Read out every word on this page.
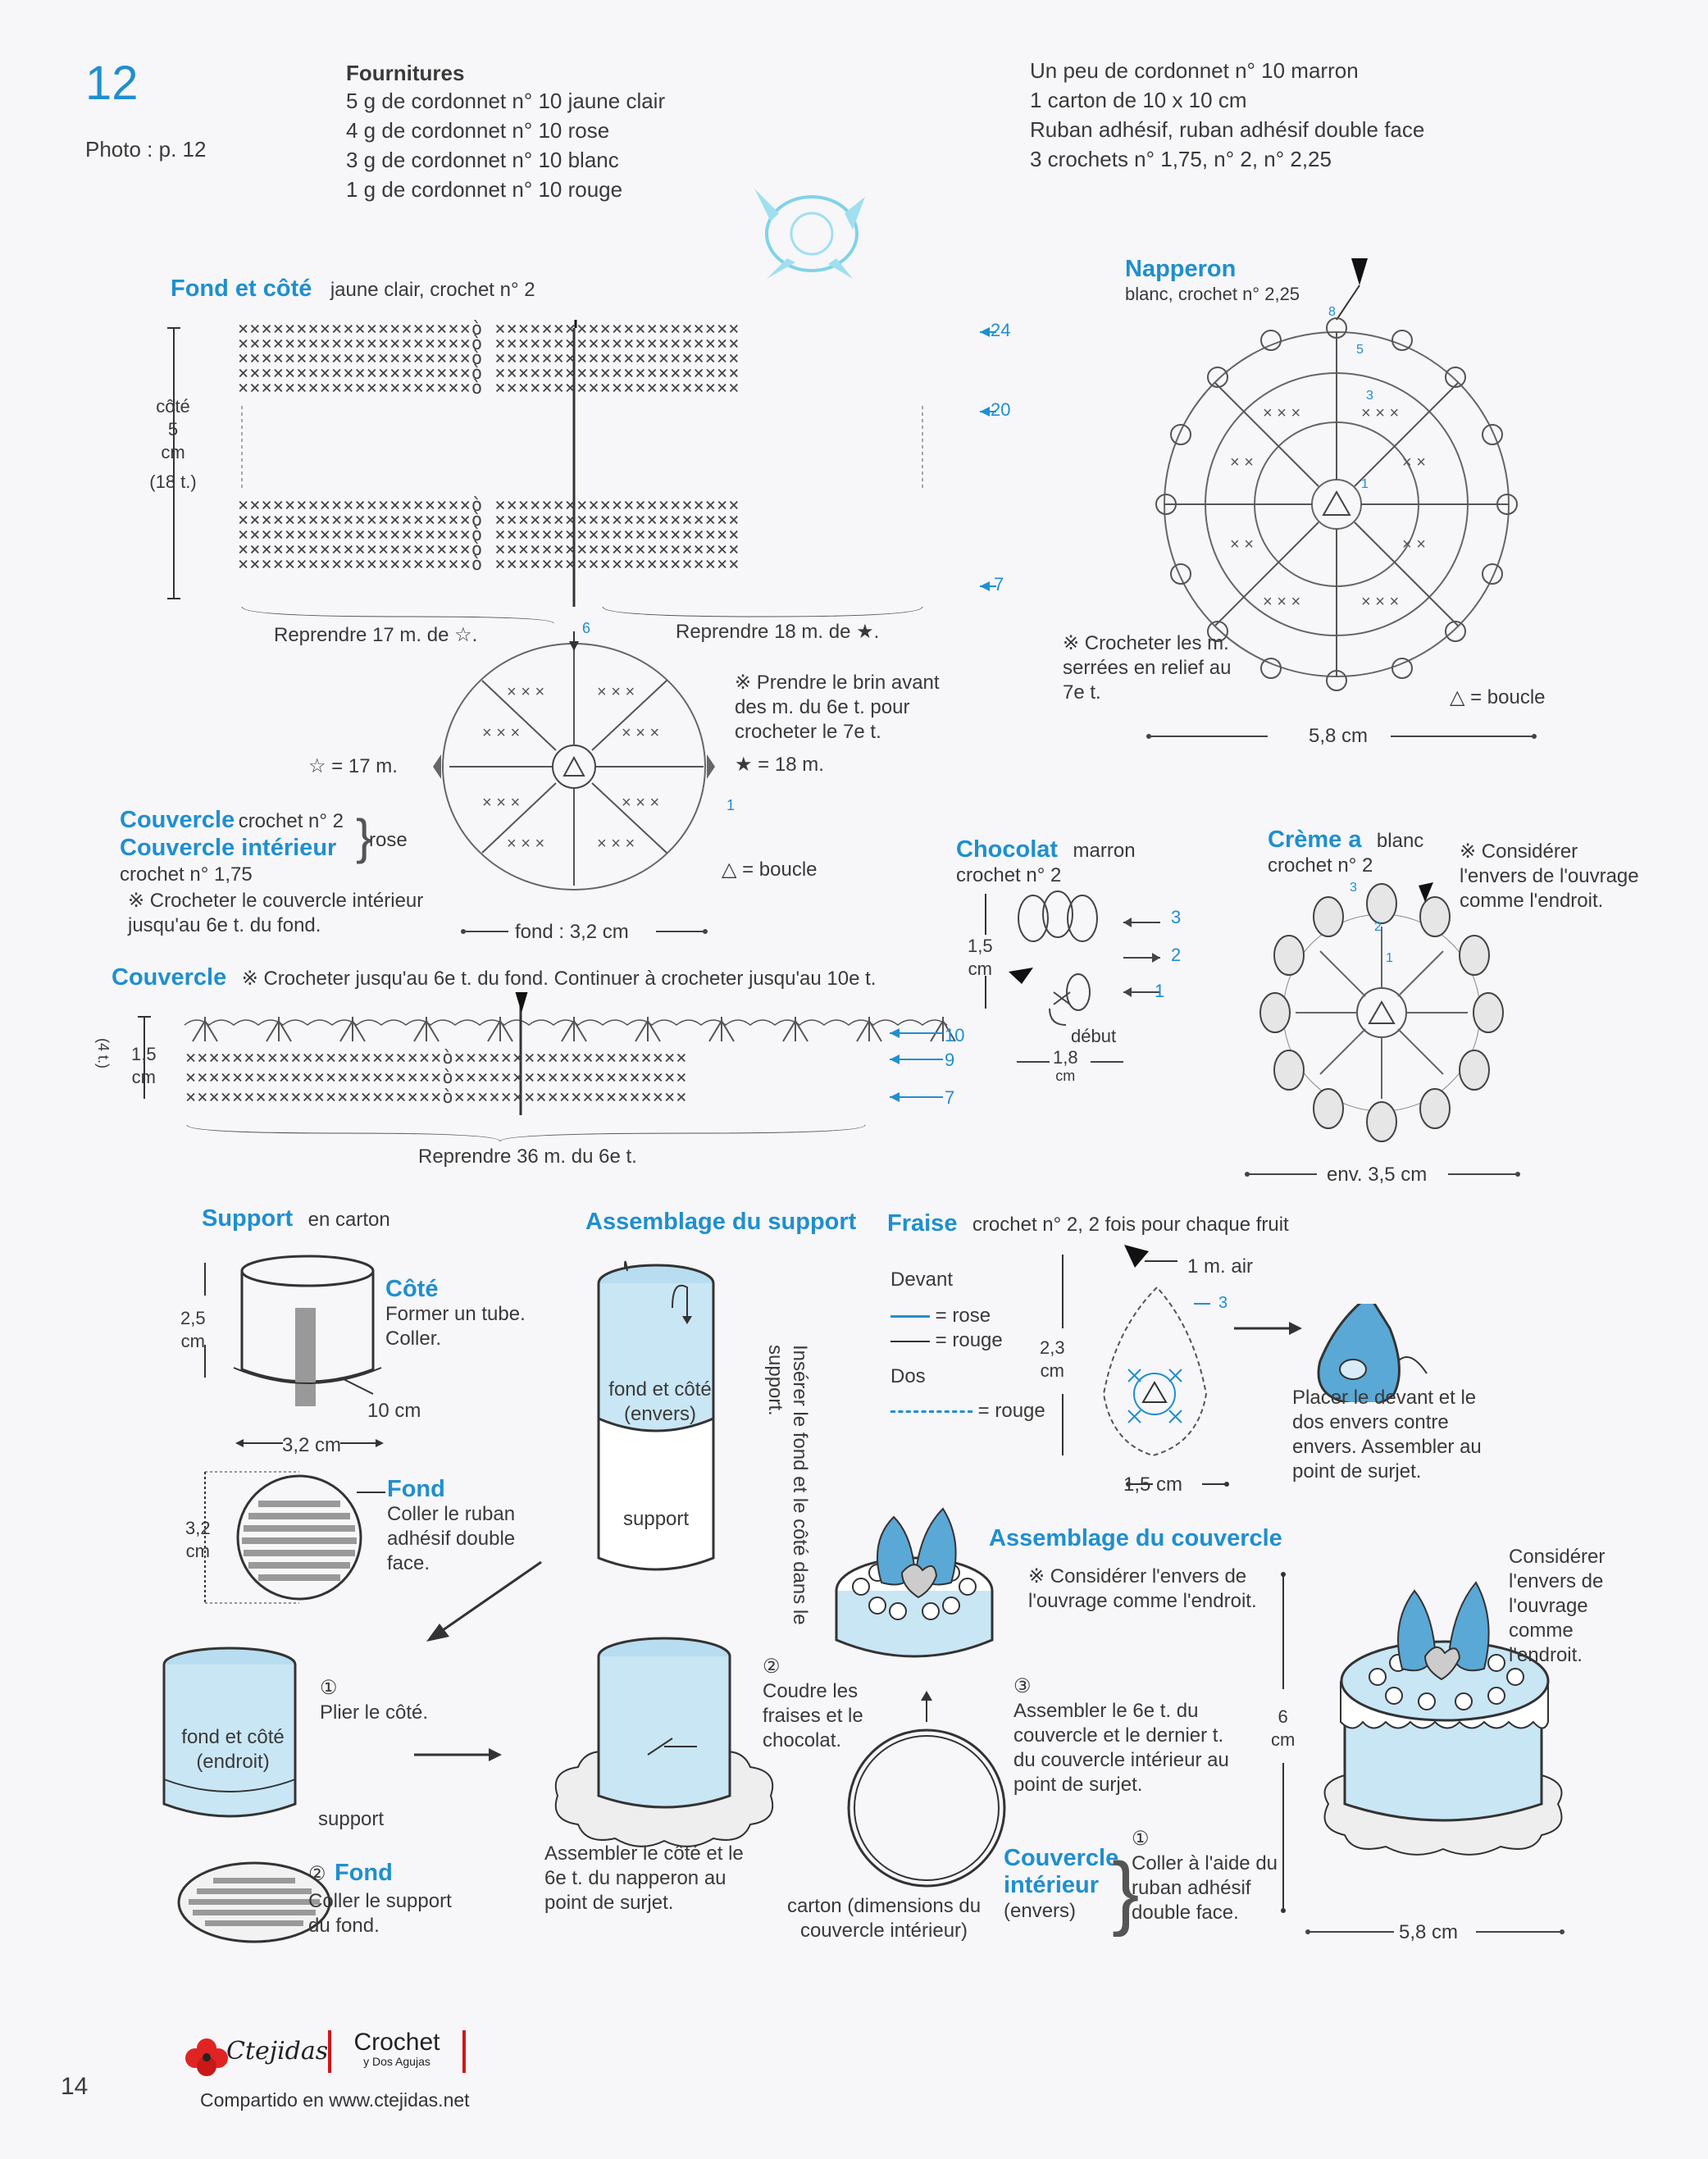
12
Photo : p. 12
Fournitures
5 g de cordonnet n° 10 jaune clair
4 g de cordonnet n° 10 rose
3 g de cordonnet n° 10 blanc
1 g de cordonnet n° 10 rouge
Un peu de cordonnet n° 10 marron
1 carton de 10 x 10 cm
Ruban adhésif, ruban adhésif double face
3 crochets n° 1,75, n° 2, n° 2,25
Fond et côté jaune clair, crochet n° 2
côté
5
cm
(18 t.)
××××××××××××××××××××ò ×××××××××××××××××××××
××××××××××××××××××××ò ×××××××××××××××××××××
××××××××××××××××××××ò ×××××××××××××××××××××
××××××××××××××××××××ò ×××××××××××××××××××××
××××××××××××××××××××ò ×××××××××××××××××××××
××××××××××××××××××××ò ×××××××××××××××××××××
××××××××××××××××××××ò ×××××××××××××××××××××
××××××××××××××××××××ò ×××××××××××××××××××××
××××××××××××××××××××ò ×××××××××××××××××××××
××××××××××××××××××××ò ×××××××××××××××××××××
24
20
7
Reprendre 17 m. de ☆.	Reprendre 18 m. de ★.
× × ×	× × ×
× × ×	× × ×
× × ×	× × ×
× × ×	× × ×
6
1
※ Prendre le brin avant des m. du 6e t. pour crocheter le 7e t.
☆ = 17 m.	★ = 18 m.
△ = boucle
fond : 3,2 cm
Couvercle crochet n° 2
Couvercle intérieur
crochet n° 1,75
}
rose
※ Crocheter le couvercle intérieur jusqu'au 6e t. du fond.
Couvercle ※ Crocheter jusqu'au 6e t. du fond. Continuer à crocheter jusqu'au 10e t.
××××××××××××××××××××××ò××××××××××××××××××××
××××××××××××××××××××××ò××××××××××××××××××××
××××××××××××××××××××××ò××××××××××××××××××××
(4 t.) 1,5
cm
10
9
7
Reprendre 36 m. du 6e t.
Napperon
blanc, crochet n° 2,25
× × ×	× × ×
× ×	× ×
× ×	× ×
× × ×	× × ×
8
5
3
1
※ Crocheter les m. serrées en relief au 7e t.	△ = boucle
5,8 cm
Chocolat marron
crochet n° 2
1,5
cm
début
1,8
cm
3
2
1
Crème a blanc
crochet n° 2
※ Considérer l'envers de l'ouvrage comme l'endroit.
3
2
1
env. 3,5 cm
Support en carton
2,5
cm
Côté
Former un tube. Coller.
10 cm
3,2 cm
Fond
Coller le ruban adhésif double face.
3,2
cm
fond et côté
(endroit)
①
Plier le côté.
support
② Fond
Coller le support du fond.
Assemblage du support
fond et côté
(envers)
support	Insérer le fond et le côté dans le support.
Assembler le côté et le 6e t. du napperon au point de surjet.
Fraise crochet n° 2, 2 fois pour chaque fruit
Devant
= rose
= rouge
Dos
= rouge
1 m. air
3
2,3
cm
1,5 cm
Placer le devant et le dos envers contre envers. Assembler au point de surjet.
Assemblage du couvercle
※ Considérer l'envers de l'ouvrage comme l'endroit.
②
Coudre les fraises et le chocolat.
③
Assembler le 6e t. du couvercle et le dernier t. du couvercle intérieur au point de surjet.
carton (dimensions du couvercle intérieur)
Couvercle intérieur
(envers) }
①
Coller à l'aide du ruban adhésif double face.
6
cm
Considérer l'envers de l'ouvrage comme l'endroit.
5,8 cm
14
Ctejidas	Crochet
y Dos Agujas
Compartido en www.ctejidas.net
